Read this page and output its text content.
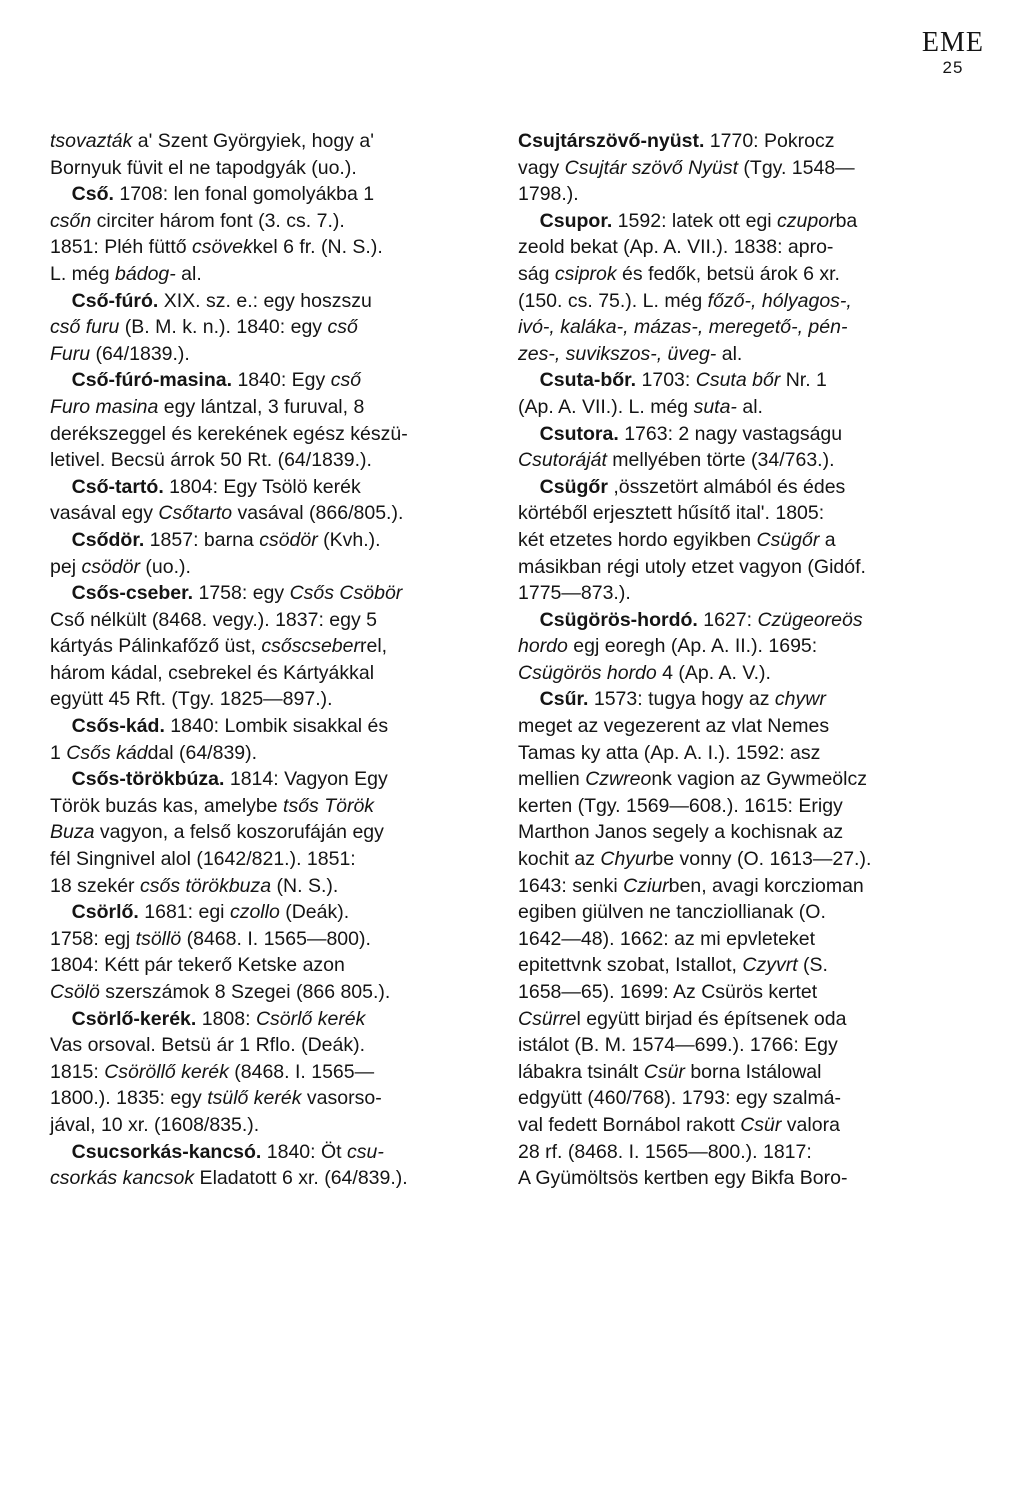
EME
25
tsovazták a' Szent Györgyiek, hogy a'
Bornyuk füvit el ne tapodgyák (uo.).
Cső. 1708: len fonal gomolyákba 1
csőn circiter három font (3. cs. 7.).
1851: Pléh füttő csövekkel 6 fr. (N. S.).
L. még bádog- al.
Cső-fúró. XIX. sz. e.: egy hoszszu
cső furu (B. M. k. n.). 1840: egy cső
Furu (64/1839.).
Cső-fúró-masina. 1840: Egy cső
Furo masina egy lántzal, 3 furuval, 8
derékszeggel és kerekének egész készü-
letivel. Becsü árrok 50 Rt. (64/1839.).
Cső-tartó. 1804: Egy Tsölö kerék
vasával egy Csőtarto vasával (866/805.).
Csődör. 1857: barna csödör (Kvh.).
pej csödör (uo.).
Csős-cseber. 1758: egy Csős Csöbör
Cső nélkült (8468. vegy.). 1837: egy 5
kártyás Pálinkafőző üst, csőscseberrel,
három kádal, csebrekel és Kártyákkal
együtt 45 Rft. (Tgy. 1825—897.).
Csős-kád. 1840: Lombik sisakkal és
1 Csős káddal (64/839).
Csős-törökbúza. 1814: Vagyon Egy
Török buzás kas, amelybe tsős Török
Buza vagyon, a felső koszorufáján egy
fél Singnivel alol (1642/821.). 1851:
18 szekér csős törökbuza (N. S.).
Csörlő. 1681: egi czollo (Deák).
1758: egj tsöllö (8468. I. 1565—800).
1804: Kétt pár tekerő Ketske azon
Csölö szerszámok 8 Szegei (866 805.).
Csörlő-kerék. 1808: Csörlő kerék
Vas orsoval. Betsü ár 1 Rflo. (Deák).
1815: Csöröllő kerék (8468. I. 1565—
1800.). 1835: egy tsülő kerék vasorso-
jával, 10 xr. (1608/835.).
Csucsorkás-kancsó. 1840: Öt csu-
csorkás kancsok Eladatott 6 xr. (64/839.).
Csujtárszövő-nyüst. 1770: Pokrocz
vagy Csujtár szövő Nyüst (Tgy. 1548—
1798.).
Csupor. 1592: latek ott egi czuporba
zeold bekat (Ap. A. VII.). 1838: apro-
ság csiprok és fedők, betsü árok 6 xr.
(150. cs. 75.). L. még főző-, hólyagos-,
ivó-, kaláka-, mázas-, meregető-, pén-
zes-, suvikszos-, üveg- al.
Csuta-bőr. 1703: Csuta bőr Nr. 1
(Ap. A. VII.). L. még suta- al.
Csutora. 1763: 2 nagy vastagságu
Csutoráját mellyében törte (34/763.).
Csügőr ,összetört almából és édes
körtéből erjesztett hűsítő ital'. 1805:
két etzetes hordo egyikben Csügőr a
másikban régi utoly etzet vagyon (Gidóf.
1775—873.).
Csügörös-hordó. 1627: Czügeorеös
hordo egj eoregh (Ap. A. II.). 1695:
Csügörös hordo 4 (Ap. A. V.).
Csűr. 1573: tugya hogy az chywr
meget az vegezerent az vlat Nemes
Tamas ky atta (Ap. A. I.). 1592: asz
mellien Czwreonk vagion az Gywmeölcz
kerten (Tgy. 1569—608.). 1615: Erigy
Marthon Janos segely a kochisnak az
kochit az Chyurbe vonny (O. 1613—27.).
1643: senki Cziurben, avagi korczioman
egiben giülven ne tancziollianak (O.
1642—48). 1662: az mi epvleteket
epitettvnk szobat, Istallot, Czyvrt (S.
1658—65). 1699: Az Csürös kertet
Csürrel együtt birjad és építsenek oda
istálot (B. M. 1574—699.). 1766: Egy
lábakra tsinált Csür borna Istálowal
edgyütt (460/768). 1793: egy szalmá-
val fedett Bornábol rakott Csür valora
28 rf. (8468. I. 1565—800.). 1817:
A Gyümöltsös kertben egy Bikfa Boro-
